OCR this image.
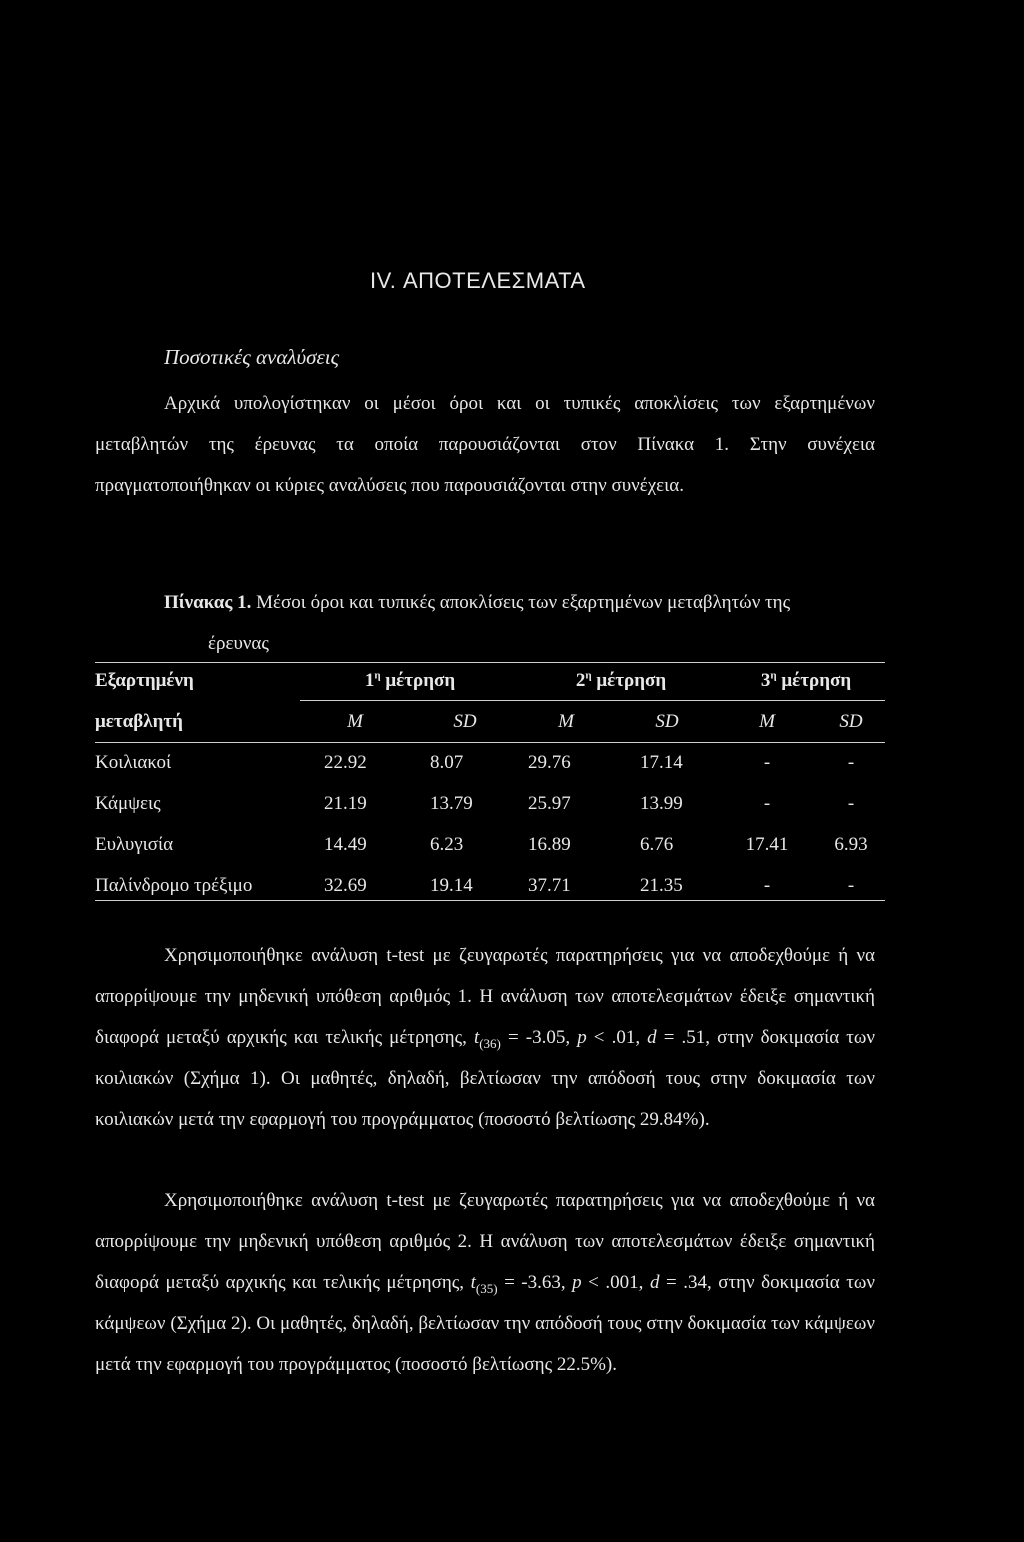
IV. ΑΠΟΤΕΛΕΣΜΑΤΑ
Ποσοτικές αναλύσεις
Αρχικά υπολογίστηκαν οι μέσοι όροι και οι τυπικές αποκλίσεις των εξαρτημένων μεταβλητών της έρευνας τα οποία παρουσιάζονται στον Πίνακα 1. Στην συνέχεια πραγματοποιήθηκαν οι κύριες αναλύσεις που παρουσιάζονται στην συνέχεια.
Πίνακας 1. Μέσοι όροι και τυπικές αποκλίσεις των εξαρτημένων μεταβλητών της
έρευνας
Εξαρτημένη	$1^\eta$ μέτρηση		$2^\eta$ μέτρηση		$3^\eta$ μέτρηση	
μεταβλητή	M	SD	M	SD	M	SD
Κοιλιακοί	22.92	8.07	29.76	17.14	-	-
Κάμψεις	21.19	13.79	25.97	13.99	-	-
Ευλυγισία	14.49	6.23	16.89	6.76	17.41	6.93
Παλίνδρομο τρέξιμο	32.69	19.14	37.71	21.35	-	-
Χρησιμοποιήθηκε ανάλυση t-test με ζευγαρωτές παρατηρήσεις για να αποδεχθούμε ή να απορρίψουμε την μηδενική υπόθεση αριθμός 1. Η ανάλυση των αποτελεσμάτων έδειξε σημαντική διαφορά μεταξύ αρχικής και τελικής μέτρησης, $t_{(36)} = -3.05$, p < .01, d = .51, στην δοκιμασία των κοιλιακών (Σχήμα 1). Οι μαθητές, δηλαδή, βελτίωσαν την απόδοσή τους στην δοκιμασία των κοιλιακών μετά την εφαρμογή του προγράμματος (ποσοστό βελτίωσης 29.84%).
Χρησιμοποιήθηκε ανάλυση t-test με ζευγαρωτές παρατηρήσεις για να αποδεχθούμε ή να απορρίψουμε την μηδενική υπόθεση αριθμός 2. Η ανάλυση των αποτελεσμάτων έδειξε σημαντική διαφορά μεταξύ αρχικής και τελικής μέτρησης, $t_{(35)} = -3.63$, p < .001, d = .34, στην δοκιμασία των κάμψεων (Σχήμα 2). Οι μαθητές, δηλαδή, βελτίωσαν την απόδοσή τους στην δοκιμασία των κάμψεων μετά την εφαρμογή του προγράμματος (ποσοστό βελτίωσης 22.5%).
